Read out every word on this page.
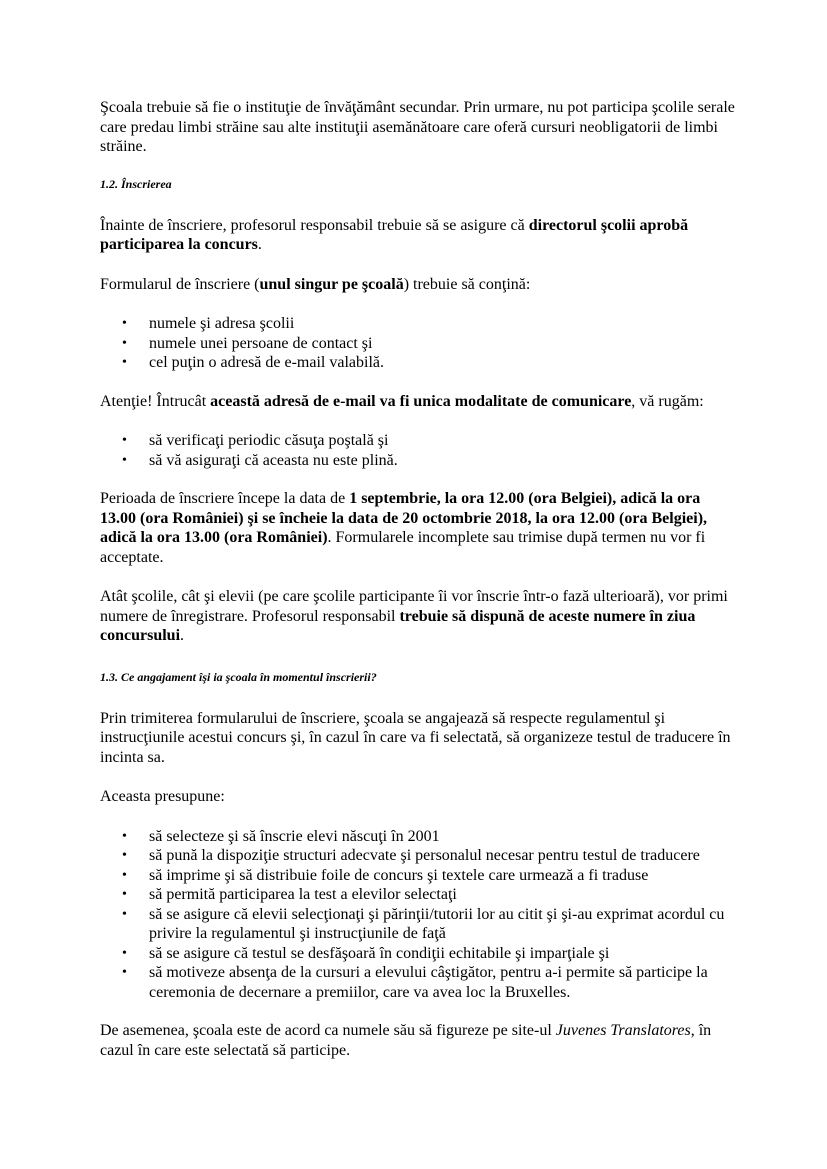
Şcoala trebuie să fie o instituţie de învăţământ secundar. Prin urmare, nu pot participa şcolile serale care predau limbi străine sau alte instituţii asemănătoare care oferă cursuri neobligatorii de limbi străine.

1.2. Înscrierea

Înainte de înscriere, profesorul responsabil trebuie să se asigure că directorul şcolii aprobă participarea la concurs.

Formularul de înscriere (unul singur pe şcoală) trebuie să conţină:

• numele şi adresa şcolii
• numele unei persoane de contact şi
• cel puţin o adresă de e-mail valabilă.

Atenţie! Întrucât această adresă de e-mail va fi unica modalitate de comunicare, vă rugăm:

• să verificaţi periodic căsuţa poştală şi
• să vă asiguraţi că aceasta nu este plină.

Perioada de înscriere începe la data de 1 septembrie, la ora 12.00 (ora Belgiei), adică la ora 13.00 (ora României) şi se încheie la data de 20 octombrie 2018, la ora 12.00 (ora Belgiei), adică la ora 13.00 (ora României). Formularele incomplete sau trimise după termen nu vor fi acceptate.

Atât şcolile, cât şi elevii (pe care şcolile participante îi vor înscrie într-o fază ulterioară), vor primi numere de înregistrare. Profesorul responsabil trebuie să dispună de aceste numere în ziua concursului.

1.3. Ce angajament îşi ia şcoala în momentul înscrierii?

Prin trimiterea formularului de înscriere, şcoala se angajează să respecte regulamentul şi instrucţiunile acestui concurs şi, în cazul în care va fi selectată, să organizeze testul de traducere în incinta sa.

Aceasta presupune:

• să selecteze şi să înscrie elevi născuţi în 2001
• să pună la dispoziţie structuri adecvate şi personalul necesar pentru testul de traducere
• să imprime şi să distribuie foile de concurs şi textele care urmează a fi traduse
• să permită participarea la test a elevilor selectaţi
• să se asigure că elevii selecţionaţi şi părinţii/tutorii lor au citit şi şi-au exprimat acordul cu privire la regulamentul şi instrucţiunile de faţă
• să se asigure că testul se desfăşoară în condiţii echitabile şi imparţiale şi
• să motiveze absenţa de la cursuri a elevului câştigător, pentru a-i permite să participe la ceremonia de decernare a premiilor, care va avea loc la Bruxelles.

De asemenea, şcoala este de acord ca numele său să figureze pe site-ul Juvenes Translatores, în cazul în care este selectată să participe.
